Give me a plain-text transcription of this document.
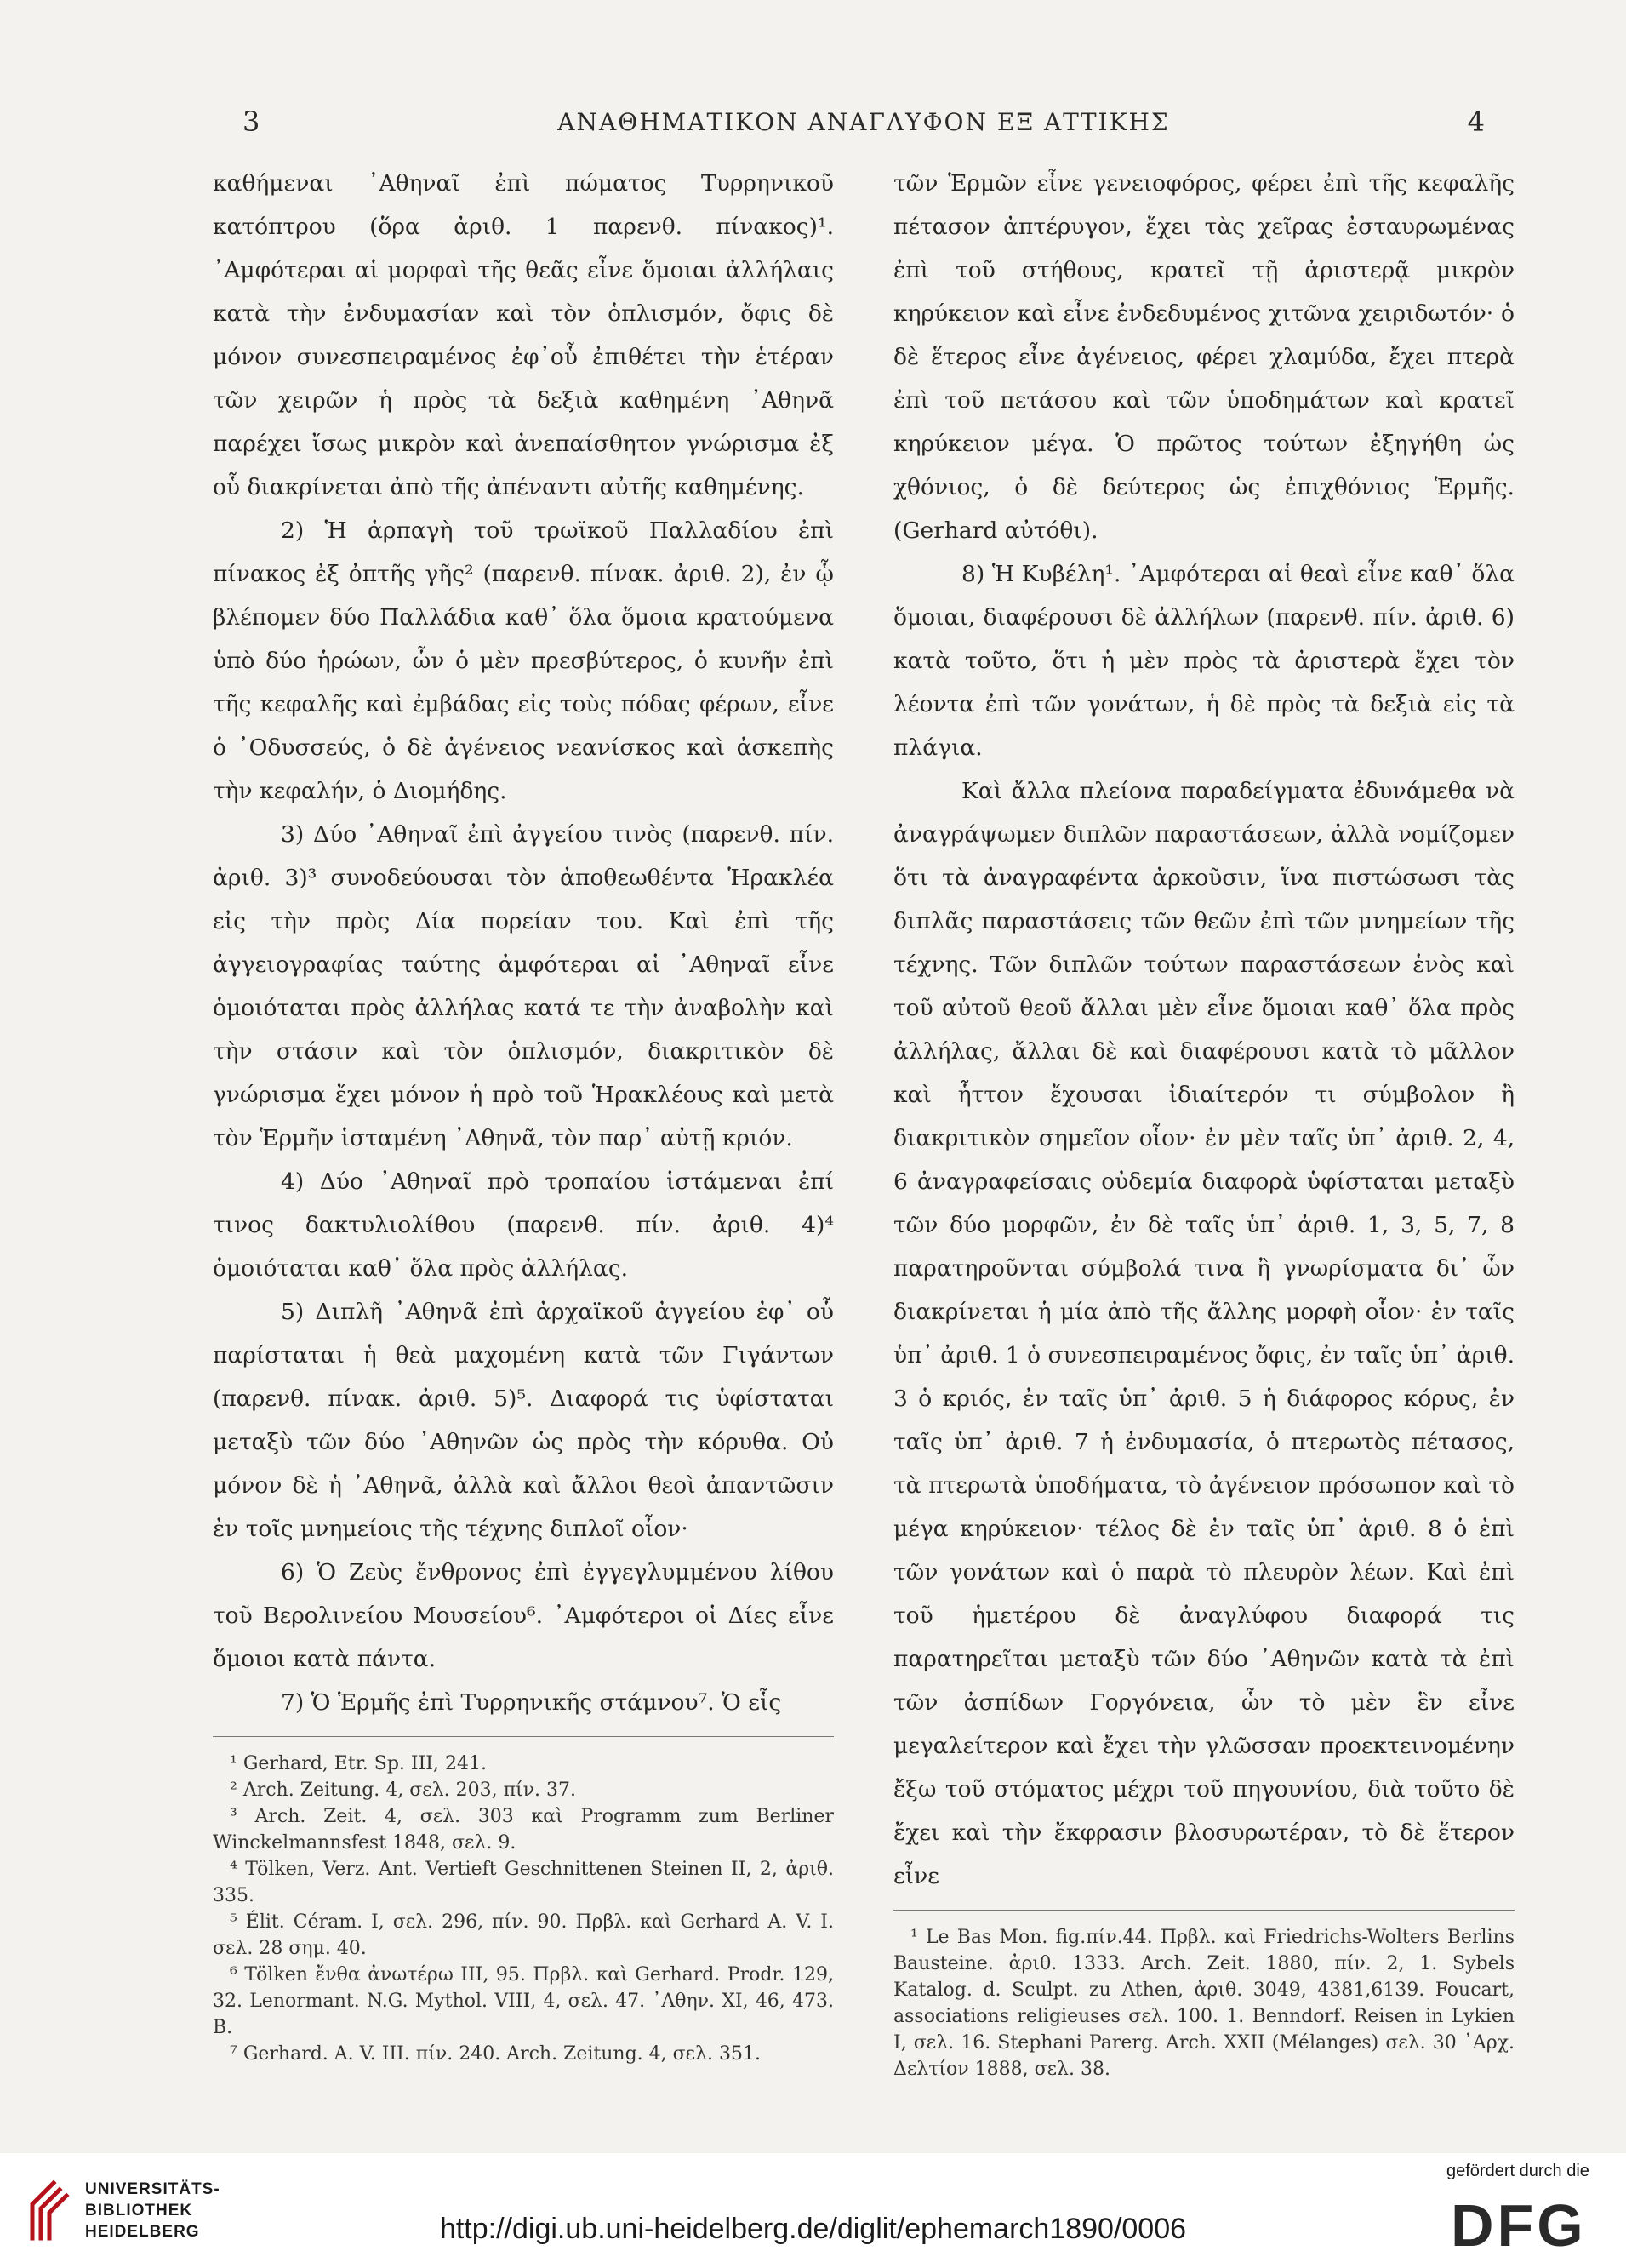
3	ΑΝΑΘΗΜΑΤΙΚΟΝ ΑΝΑΓΛΥΦΟΝ ΕΞ ΑΤΤΙΚΗΣ	4

καθήμεναι ᾿Αθηναῖ ἐπὶ πώματος Τυρρηνικοῦ κατόπτρου (ὅρα ἀριθ. 1 παρενθ. πίνακος)¹. ᾿Αμφότεραι αἱ μορφαὶ τῆς θεᾶς εἶνε ὅμοιαι ἀλλήλαις κατὰ τὴν ἐνδυμασίαν καὶ τὸν ὁπλισμόν, ὄφις δὲ μόνον συνεσπειραμένος ἐφ᾿οὗ ἐπιθέτει τὴν ἑτέραν τῶν χειρῶν ἡ πρὸς τὰ δεξιὰ καθημένη ᾿Αθηνᾶ παρέχει ἴσως μικρὸν καὶ ἀνεπαίσθητον γνώρισμα ἐξ οὗ διακρίνεται ἀπὸ τῆς ἀπέναντι αὐτῆς καθημένης.

2) Ἡ ἁρπαγὴ τοῦ τρωϊκοῦ Παλλαδίου ἐπὶ πίνακος ἐξ ὀπτῆς γῆς² (παρενθ. πίνακ. ἀριθ. 2), ἐν ᾧ βλέπομεν δύο Παλλάδια καθ᾿ ὅλα ὅμοια κρατούμενα ὑπὸ δύο ἡρώων, ὧν ὁ μὲν πρεσβύτερος, ὁ κυνῆν ἐπὶ τῆς κεφαλῆς καὶ ἐμβάδας εἰς τοὺς πόδας φέρων, εἶνε ὁ ᾿Οδυσσεύς, ὁ δὲ ἀγένειος νεανίσκος καὶ ἀσκεπὴς τὴν κεφαλήν, ὁ Διομήδης.

3) Δύο ᾿Αθηναῖ ἐπὶ ἀγγείου τινὸς (παρενθ. πίν. ἀριθ. 3)³ συνοδεύουσαι τὸν ἀποθεωθέντα Ἡρακλέα εἰς τὴν πρὸς Δία πορείαν του. Καὶ ἐπὶ τῆς ἀγγειογραφίας ταύτης ἀμφότεραι αἱ ᾿Αθηναῖ εἶνε ὁμοιόταται πρὸς ἀλλήλας κατά τε τὴν ἀναβολὴν καὶ τὴν στάσιν καὶ τὸν ὁπλισμόν, διακριτικὸν δὲ γνώρισμα ἔχει μόνον ἡ πρὸ τοῦ Ἡρακλέους καὶ μετὰ τὸν Ἑρμῆν ἱσταμένη ᾿Αθηνᾶ, τὸν παρ᾿ αὐτῇ κριόν.

4) Δύο ᾿Αθηναῖ πρὸ τροπαίου ἱστάμεναι ἐπί τινος δακτυλιολίθου (παρενθ. πίν. ἀριθ. 4)⁴ ὁμοιόταται καθ᾿ ὅλα πρὸς ἀλλήλας.

5) Διπλῆ ᾿Αθηνᾶ ἐπὶ ἀρχαϊκοῦ ἀγγείου ἐφ᾿ οὗ παρίσταται ἡ θεὰ μαχομένη κατὰ τῶν Γιγάντων (παρενθ. πίνακ. ἀριθ. 5)⁵. Διαφορά τις ὑφίσταται μεταξὺ τῶν δύο ᾿Αθηνῶν ὡς πρὸς τὴν κόρυθα. Οὐ μόνον δὲ ἡ ᾿Αθηνᾶ, ἀλλὰ καὶ ἄλλοι θεοὶ ἀπαντῶσιν ἐν τοῖς μνημείοις τῆς τέχνης διπλοῖ οἷον·

6) Ὁ Ζεὺς ἔνθρονος ἐπὶ ἐγγεγλυμμένου λίθου τοῦ Βερολινείου Μουσείου⁶. ᾿Αμφότεροι οἱ Δίες εἶνε ὅμοιοι κατὰ πάντα.

7) Ὁ Ἑρμῆς ἐπὶ Τυρρηνικῆς στάμνου⁷. Ὁ εἷς

¹ Gerhard, Etr. Sp. III, 241.

² Arch. Zeitung. 4, σελ. 203, πίν. 37.

³ Arch. Zeit. 4, σελ. 303 καὶ Programm zum Berliner Winckelmannsfest 1848, σελ. 9.

⁴ Tölken, Verz. Ant. Vertieft Geschnittenen Steinen II, 2, ἀριθ. 335.

⁵ Élit. Céram. I, σελ. 296, πίν. 90. Πρβλ. καὶ Gerhard A. V. I. σελ. 28 σημ. 40.

⁶ Tölken ἔνθα ἀνωτέρω III, 95. Πρβλ. καὶ Gerhard. Prodr. 129, 32. Lenormant. N.G. Mythol. VIII, 4, σελ. 47. ᾿Αθην. XI, 46, 473. B.

⁷ Gerhard. A. V. III. πίν. 240. Arch. Zeitung. 4, σελ. 351.

τῶν Ἑρμῶν εἶνε γενειοφόρος, φέρει ἐπὶ τῆς κεφαλῆς πέτασον ἀπτέρυγον, ἔχει τὰς χεῖρας ἐσταυρωμένας ἐπὶ τοῦ στήθους, κρατεῖ τῇ ἀριστερᾷ μικρὸν κηρύκειον καὶ εἶνε ἐνδεδυμένος χιτῶνα χειριδωτόν· ὁ δὲ ἕτερος εἶνε ἀγένειος, φέρει χλαμύδα, ἔχει πτερὰ ἐπὶ τοῦ πετάσου καὶ τῶν ὑποδημάτων καὶ κρατεῖ κηρύκειον μέγα. Ὁ πρῶτος τούτων ἐξηγήθη ὡς χθόνιος, ὁ δὲ δεύτερος ὡς ἐπιχθόνιος Ἑρμῆς. (Gerhard αὐτόθι).

8) Ἡ Κυβέλη¹. ᾿Αμφότεραι αἱ θεαὶ εἶνε καθ᾿ ὅλα ὅμοιαι, διαφέρουσι δὲ ἀλλήλων (παρενθ. πίν. ἀριθ. 6) κατὰ τοῦτο, ὅτι ἡ μὲν πρὸς τὰ ἀριστερὰ ἔχει τὸν λέοντα ἐπὶ τῶν γονάτων, ἡ δὲ πρὸς τὰ δεξιὰ εἰς τὰ πλάγια.

Καὶ ἄλλα πλείονα παραδείγματα ἐδυνάμεθα νὰ ἀναγράψωμεν διπλῶν παραστάσεων, ἀλλὰ νομίζομεν ὅτι τὰ ἀναγραφέντα ἀρκοῦσιν, ἵνα πιστώσωσι τὰς διπλᾶς παραστάσεις τῶν θεῶν ἐπὶ τῶν μνημείων τῆς τέχνης. Τῶν διπλῶν τούτων παραστάσεων ἑνὸς καὶ τοῦ αὐτοῦ θεοῦ ἄλλαι μὲν εἶνε ὅμοιαι καθ᾿ ὅλα πρὸς ἀλλήλας, ἄλλαι δὲ καὶ διαφέρουσι κατὰ τὸ μᾶλλον καὶ ἧττον ἔχουσαι ἰδιαίτερόν τι σύμβολον ἢ διακριτικὸν σημεῖον οἷον· ἐν μὲν ταῖς ὑπ᾿ ἀριθ. 2, 4, 6 ἀναγραφείσαις οὐδεμία διαφορὰ ὑφίσταται μεταξὺ τῶν δύο μορφῶν, ἐν δὲ ταῖς ὑπ᾿ ἀριθ. 1, 3, 5, 7, 8 παρατηροῦνται σύμβολά τινα ἢ γνωρίσματα δι᾿ ὧν διακρίνεται ἡ μία ἀπὸ τῆς ἄλλης μορφὴ οἷον· ἐν ταῖς ὑπ᾿ ἀριθ. 1 ὁ συνεσπειραμένος ὄφις, ἐν ταῖς ὑπ᾿ ἀριθ. 3 ὁ κριός, ἐν ταῖς ὑπ᾿ ἀριθ. 5 ἡ διάφορος κόρυς, ἐν ταῖς ὑπ᾿ ἀριθ. 7 ἡ ἐνδυμασία, ὁ πτερωτὸς πέτασος, τὰ πτερωτὰ ὑποδήματα, τὸ ἀγένειον πρόσωπον καὶ τὸ μέγα κηρύκειον· τέλος δὲ ἐν ταῖς ὑπ᾿ ἀριθ. 8 ὁ ἐπὶ τῶν γονάτων καὶ ὁ παρὰ τὸ πλευρὸν λέων. Καὶ ἐπὶ τοῦ ἡμετέρου δὲ ἀναγλύφου διαφορά τις παρατηρεῖται μεταξὺ τῶν δύο ᾿Αθηνῶν κατὰ τὰ ἐπὶ τῶν ἀσπίδων Γοργόνεια, ὧν τὸ μὲν ἓν εἶνε μεγαλείτερον καὶ ἔχει τὴν γλῶσσαν προεκτεινομένην ἔξω τοῦ στόματος μέχρι τοῦ πηγουνίου, διὰ τοῦτο δὲ ἔχει καὶ τὴν ἔκφρασιν βλοσυρωτέραν, τὸ δὲ ἕτερον εἶνε

¹ Le Bas Mon. fig.πίν.44. Πρβλ. καὶ Friedrichs-Wolters Berlins Bausteine. ἀριθ. 1333. Arch. Zeit. 1880, πίν. 2, 1. Sybels Katalog. d. Sculpt. zu Athen, ἀριθ. 3049, 4381,6139. Foucart, associations religieuses σελ. 100. 1. Benndorf. Reisen in Lykien I, σελ. 16. Stephani Parerg. Arch. XXII (Mélanges) σελ. 30 ᾿Αρχ. Δελτίον 1888, σελ. 38.

UNIVERSITÄTS-
BIBLIOTHEK
HEIDELBERG	http://digi.ub.uni-heidelberg.de/diglit/ephemarch1890/0006
gefördert durch die
DFG
